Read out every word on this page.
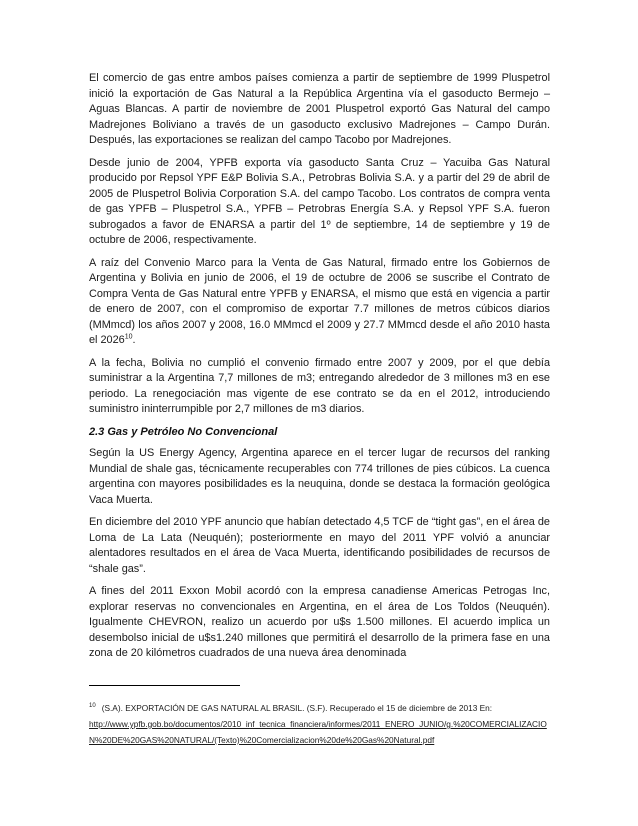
El comercio de gas entre ambos países comienza a partir de septiembre de 1999 Pluspetrol inició la exportación de Gas Natural a la República Argentina vía el gasoducto Bermejo – Aguas Blancas. A partir de noviembre de 2001 Pluspetrol exportó Gas Natural del campo Madrejones Boliviano a través de un gasoducto exclusivo Madrejones – Campo Durán. Después, las exportaciones se realizan del campo Tacobo por Madrejones.

Desde junio de 2004, YPFB exporta vía gasoducto Santa Cruz – Yacuiba Gas Natural producido por Repsol YPF E&P Bolivia S.A., Petrobras Bolivia S.A. y a partir del 29 de abril de 2005 de Pluspetrol Bolivia Corporation S.A. del campo Tacobo. Los contratos de compra venta de gas YPFB – Pluspetrol S.A., YPFB – Petrobras Energía S.A. y Repsol YPF S.A. fueron subrogados a favor de ENARSA a partir del 1º de septiembre, 14 de septiembre y 19 de octubre de 2006, respectivamente.

A raíz del Convenio Marco para la Venta de Gas Natural, firmado entre los Gobiernos de Argentina y Bolivia en junio de 2006, el 19 de octubre de 2006 se suscribe el Contrato de Compra Venta de Gas Natural entre YPFB y ENARSA, el mismo que está en vigencia a partir de enero de 2007, con el compromiso de exportar 7.7 millones de metros cúbicos diarios (MMmcd) los años 2007 y 2008, 16.0 MMmcd el 2009 y 27.7 MMmcd desde el año 2010 hasta el 2026$^{10}$.

A la fecha, Bolivia no cumplió el convenio firmado entre 2007 y 2009, por el que debía suministrar a la Argentina 7,7 millones de m3; entregando alrededor de 3 millones m3 en ese periodo. La renegociación mas vigente de ese contrato se da en el 2012, introduciendo suministro ininterrumpible por 2,7 millones de m3 diarios.

2.3 Gas y Petróleo No Convencional

Según la US Energy Agency, Argentina aparece en el tercer lugar de recursos del ranking Mundial de shale gas, técnicamente recuperables con 774 trillones de pies cúbicos. La cuenca argentina con mayores posibilidades es la neuquina, donde se destaca la formación geológica Vaca Muerta.

En diciembre del 2010 YPF anuncio que habían detectado 4,5 TCF de “tight gas”, en el área de Loma de La Lata (Neuquén); posteriormente en mayo del 2011 YPF volvió a anunciar alentadores resultados en el área de Vaca Muerta, identificando posibilidades de recursos de “shale gas”.

A fines del 2011 Exxon Mobil acordó con la empresa canadiense Americas Petrogas Inc, explorar reservas no convencionales en Argentina, en el área de Los Toldos (Neuquén). Igualmente CHEVRON, realizo un acuerdo por u$s 1.500 millones. El acuerdo implica un desembolso inicial de u$s1.240 millones que permitirá el desarrollo de la primera fase en una zona de 20 kilómetros cuadrados de una nueva área denominada

$^{10}$ (S.A). EXPORTACIÓN DE GAS NATURAL AL BRASIL. (S.F). Recuperado el 15 de diciembre de 2013 En:

http://www.ypfb.gob.bo/documentos/2010_inf_tecnica_financiera/informes/2011_ENERO_JUNIO/g.%20COMERCIALIZACION%20DE%20GAS%20NATURAL/(Texto)%20Comercializacion%20de%20Gas%20Natural.pdf
